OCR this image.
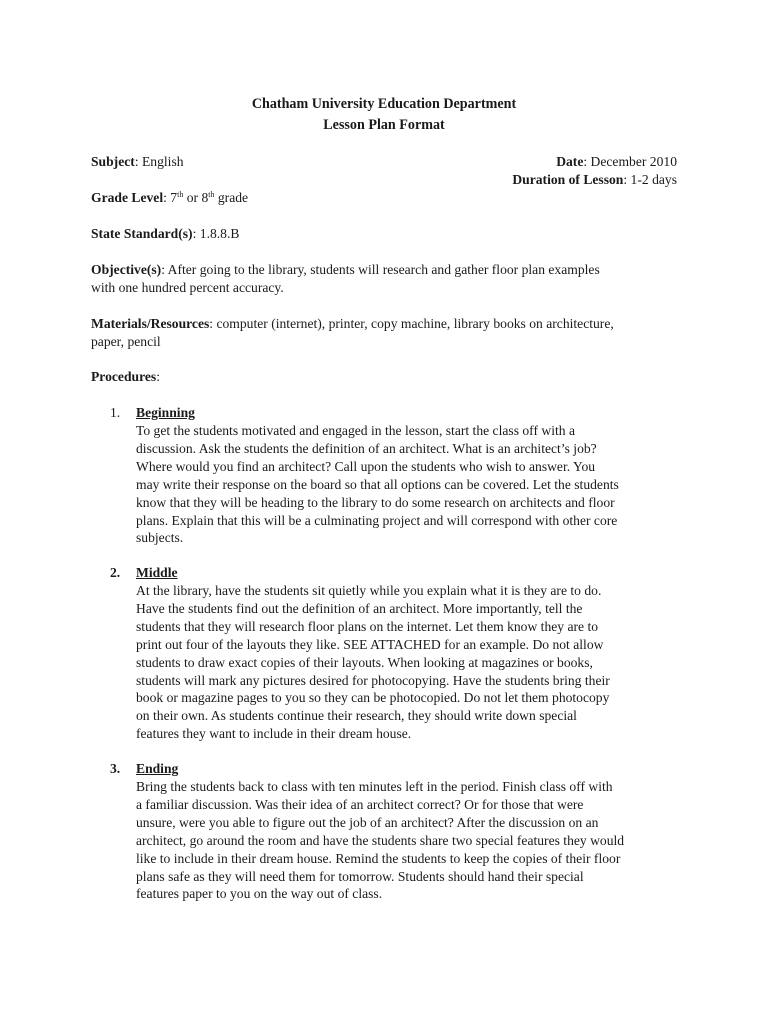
Chatham University Education Department
Lesson Plan Format
Subject: English	Date: December 2010
Duration of Lesson: 1-2 days
Grade Level: 7th or 8th grade
State Standard(s): 1.8.8.B
Objective(s): After going to the library, students will research and gather floor plan examples
with one hundred percent accuracy.
Materials/Resources: computer (internet), printer, copy machine, library books on architecture,
paper, pencil
Procedures:
1. Beginning
To get the students motivated and engaged in the lesson, start the class off with a
discussion. Ask the students the definition of an architect. What is an architect’s job?
Where would you find an architect? Call upon the students who wish to answer. You
may write their response on the board so that all options can be covered. Let the students
know that they will be heading to the library to do some research on architects and floor
plans. Explain that this will be a culminating project and will correspond with other core
subjects.
2. Middle
At the library, have the students sit quietly while you explain what it is they are to do.
Have the students find out the definition of an architect. More importantly, tell the
students that they will research floor plans on the internet. Let them know they are to
print out four of the layouts they like. SEE ATTACHED for an example. Do not allow
students to draw exact copies of their layouts. When looking at magazines or books,
students will mark any pictures desired for photocopying. Have the students bring their
book or magazine pages to you so they can be photocopied. Do not let them photocopy
on their own. As students continue their research, they should write down special
features they want to include in their dream house.
3. Ending
Bring the students back to class with ten minutes left in the period. Finish class off with
a familiar discussion. Was their idea of an architect correct? Or for those that were
unsure, were you able to figure out the job of an architect? After the discussion on an
architect, go around the room and have the students share two special features they would
like to include in their dream house. Remind the students to keep the copies of their floor
plans safe as they will need them for tomorrow. Students should hand their special
features paper to you on the way out of class.
